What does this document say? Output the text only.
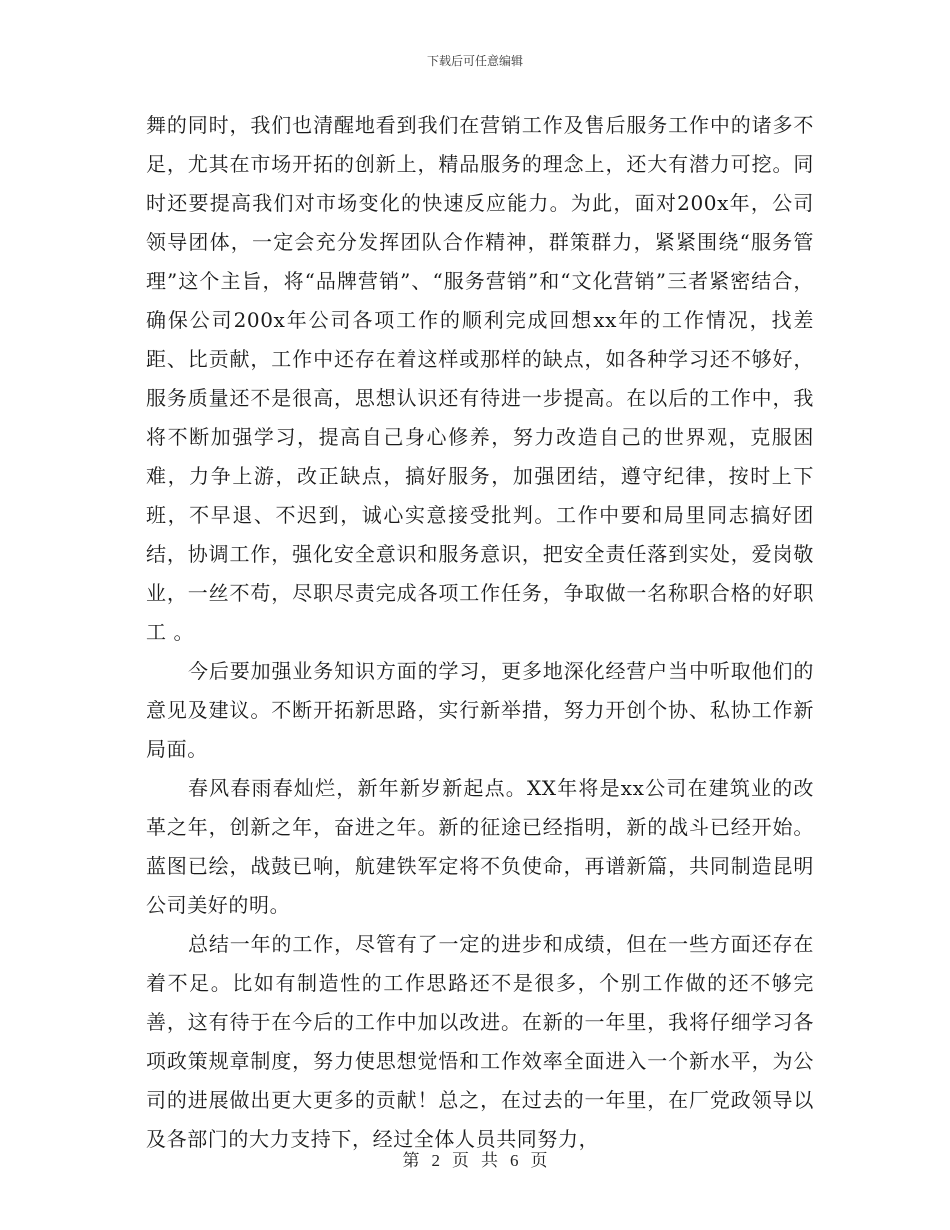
下载后可任意编辑

舞的同时，我们也清醒地看到我们在营销工作及售后服务工作中的诸多不足，尤其在市场开拓的创新上，精品服务的理念上，还大有潜力可挖。同时还要提高我们对市场变化的快速反应能力。为此，面对200x年，公司领导团体，一定会充分发挥团队合作精神，群策群力，紧紧围绕“服务管理”这个主旨，将“品牌营销”、“服务营销”和“文化营销”三者紧密结合，确保公司200x年公司各项工作的顺利完成回想xx年的工作情况，找差距、比贡献，工作中还存在着这样或那样的缺点，如各种学习还不够好，服务质量还不是很高，思想认识还有待进一步提高。在以后的工作中，我将不断加强学习，提高自己身心修养，努力改造自己的世界观，克服困难，力争上游，改正缺点，搞好服务，加强团结，遵守纪律，按时上下班，不早退、不迟到，诚心实意接受批判。工作中要和局里同志搞好团结，协调工作，强化安全意识和服务意识，把安全责任落到实处，爱岗敬业，一丝不苟，尽职尽责完成各项工作任务，争取做一名称职合格的好职工 。

今后要加强业务知识方面的学习，更多地深化经营户当中听取他们的意见及建议。不断开拓新思路，实行新举措，努力开创个协、私协工作新局面。

春风春雨春灿烂，新年新岁新起点。XX年将是xx公司在建筑业的改革之年，创新之年，奋进之年。新的征途已经指明，新的战斗已经开始。蓝图已绘，战鼓已响，航建铁军定将不负使命，再谱新篇，共同制造昆明公司美好的明。

总结一年的工作，尽管有了一定的进步和成绩，但在一些方面还存在着不足。比如有制造性的工作思路还不是很多，个别工作做的还不够完善，这有待于在今后的工作中加以改进。在新的一年里，我将仔细学习各项政策规章制度，努力使思想觉悟和工作效率全面进入一个新水平，为公司的进展做出更大更多的贡献！总之，在过去的一年里，在厂党政领导以及各部门的大力支持下，经过全体人员共同努力，

第 2 页 共 6 页
